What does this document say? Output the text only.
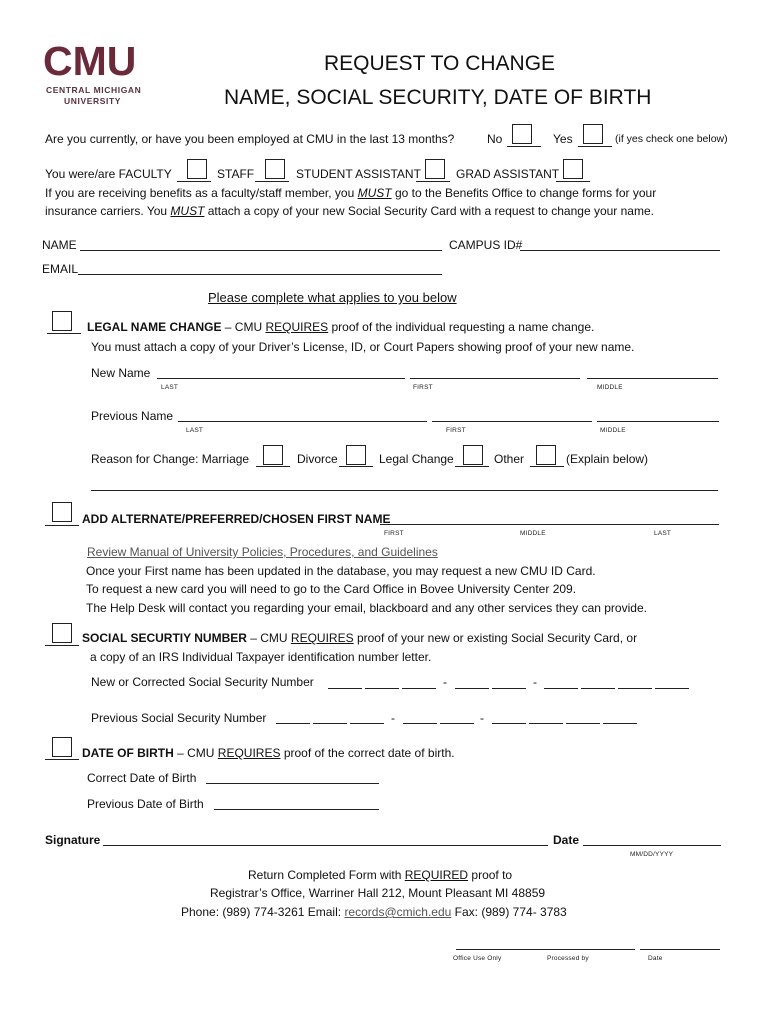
CMU
CENTRAL MICHIGAN
UNIVERSITY
REQUEST TO CHANGE
NAME, SOCIAL SECURITY, DATE OF BIRTH
Are you currently, or have you been employed at CMU in the last 13 months?	No	Yes	(if yes check one below)
You were/are FACULTY	STAFF	STUDENT ASSISTANT	GRAD ASSISTANT
If you are receiving benefits as a faculty/staff member, you MUST go to the Benefits Office to change forms for your
insurance carriers. You MUST attach a copy of your new Social Security Card with a request to change your name.
NAME	CAMPUS ID#
EMAIL
Please complete what applies to you below
LEGAL NAME CHANGE – CMU REQUIRES proof of the individual requesting a name change.
You must attach a copy of your Driver’s License, ID, or Court Papers showing proof of your new name.
New Name
LAST	FIRST	MIDDLE
Previous Name
LAST	FIRST	MIDDLE
Reason for Change: Marriage	Divorce	Legal Change	Other	(Explain below)
ADD ALTERNATE/PREFERRED/CHOSEN FIRST NAME
FIRST	MIDDLE	LAST
Review Manual of University Policies, Procedures, and Guidelines
Once your First name has been updated in the database, you may request a new CMU ID Card.
To request a new card you will need to go to the Card Office in Bovee University Center 209.
The Help Desk will contact you regarding your email, blackboard and any other services they can provide.
SOCIAL SECURTIY NUMBER – CMU REQUIRES proof of your new or existing Social Security Card, or
a copy of an IRS Individual Taxpayer identification number letter.
New or Corrected Social Security Number	-	-
Previous Social Security Number	-	-
DATE OF BIRTH – CMU REQUIRES proof of the correct date of birth.
Correct Date of Birth
Previous Date of Birth
Signature	Date
MM/DD/YYYY
Return Completed Form with REQUIRED proof to
Registrar’s Office, Warriner Hall 212, Mount Pleasant MI 48859
Phone: (989) 774-3261 Email: records@cmich.edu Fax: (989) 774- 3783
Office Use Only	Processed by	Date
